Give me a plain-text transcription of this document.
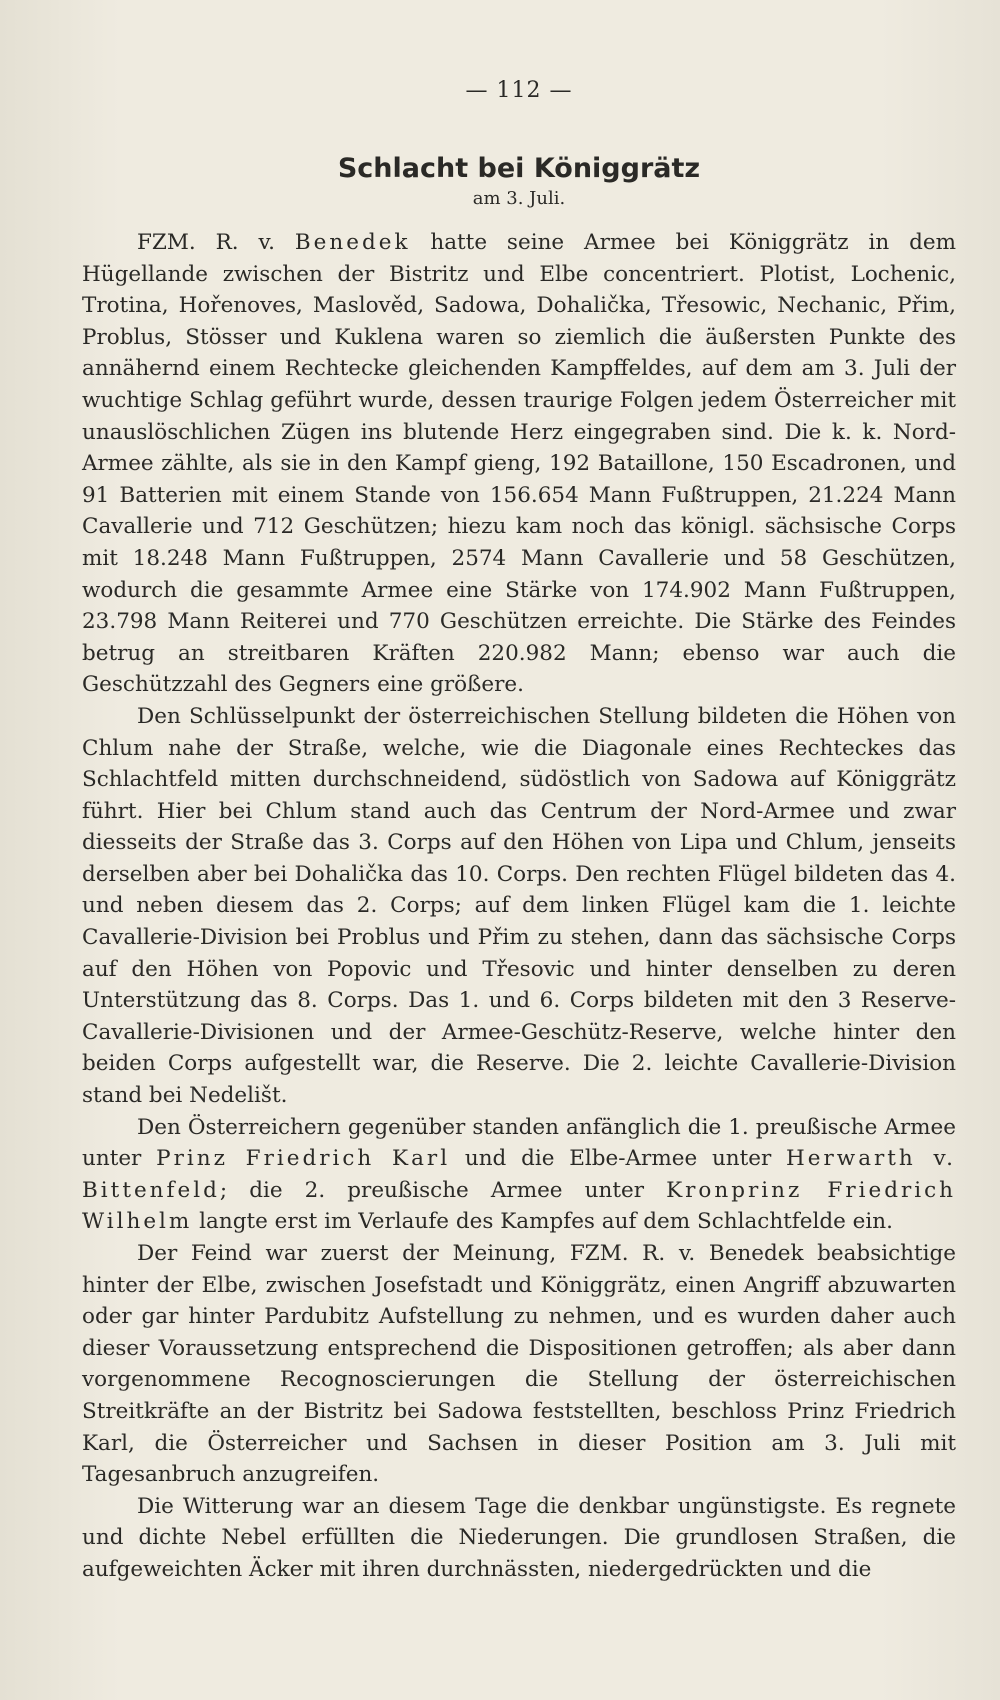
— 112 —
Schlacht bei Königgrätz
am 3. Juli.

FZM. R. v. Benedek hatte seine Armee bei Königgrätz in dem Hügellande zwischen der Bistritz und Elbe concentriert. Plotist, Lochenic, Trotina, Hořenoves, Maslověd, Sadowa, Dohalička, Třesowic, Nechanic, Přim, Problus, Stösser und Kuklena waren so ziemlich die äußersten Punkte des annähernd einem Rechtecke gleichenden Kampffeldes, auf dem am 3. Juli der wuchtige Schlag geführt wurde, dessen traurige Folgen jedem Österreicher mit unauslöschlichen Zügen ins blutende Herz eingegraben sind. Die k. k. Nord-Armee zählte, als sie in den Kampf gieng, 192 Bataillone, 150 Escadronen, und 91 Batterien mit einem Stande von 156.654 Mann Fußtruppen, 21.224 Mann Cavallerie und 712 Geschützen; hiezu kam noch das königl. sächsische Corps mit 18.248 Mann Fußtruppen, 2574 Mann Cavallerie und 58 Geschützen, wodurch die gesammte Armee eine Stärke von 174.902 Mann Fußtruppen, 23.798 Mann Reiterei und 770 Geschützen erreichte. Die Stärke des Feindes betrug an streitbaren Kräften 220.982 Mann; ebenso war auch die Geschützzahl des Gegners eine größere.

Den Schlüsselpunkt der österreichischen Stellung bildeten die Höhen von Chlum nahe der Straße, welche, wie die Diagonale eines Rechteckes das Schlachtfeld mitten durchschneidend, südöstlich von Sadowa auf Königgrätz führt. Hier bei Chlum stand auch das Centrum der Nord-Armee und zwar diesseits der Straße das 3. Corps auf den Höhen von Lipa und Chlum, jenseits derselben aber bei Dohalička das 10. Corps. Den rechten Flügel bildeten das 4. und neben diesem das 2. Corps; auf dem linken Flügel kam die 1. leichte Cavallerie-Division bei Problus und Přim zu stehen, dann das sächsische Corps auf den Höhen von Popovic und Třesovic und hinter denselben zu deren Unterstützung das 8. Corps. Das 1. und 6. Corps bildeten mit den 3 Reserve-Cavallerie-Divisionen und der Armee-Geschütz-Reserve, welche hinter den beiden Corps aufgestellt war, die Reserve. Die 2. leichte Cavallerie-Division stand bei Nedelišt.

Den Österreichern gegenüber standen anfänglich die 1. preußische Armee unter Prinz Friedrich Karl und die Elbe-Armee unter Herwarth v. Bittenfeld; die 2. preußische Armee unter Kronprinz Friedrich Wilhelm langte erst im Verlaufe des Kampfes auf dem Schlachtfelde ein.

Der Feind war zuerst der Meinung, FZM. R. v. Benedek beabsichtige hinter der Elbe, zwischen Josefstadt und Königgrätz, einen Angriff abzuwarten oder gar hinter Pardubitz Aufstellung zu nehmen, und es wurden daher auch dieser Voraussetzung entsprechend die Dispositionen getroffen; als aber dann vorgenommene Recognoscierungen die Stellung der österreichischen Streitkräfte an der Bistritz bei Sadowa feststellten, beschloss Prinz Friedrich Karl, die Österreicher und Sachsen in dieser Position am 3. Juli mit Tagesanbruch anzugreifen.

Die Witterung war an diesem Tage die denkbar ungünstigste. Es regnete und dichte Nebel erfüllten die Niederungen. Die grundlosen Straßen, die aufgeweichten Äcker mit ihren durchnässten, niedergedrückten und die
